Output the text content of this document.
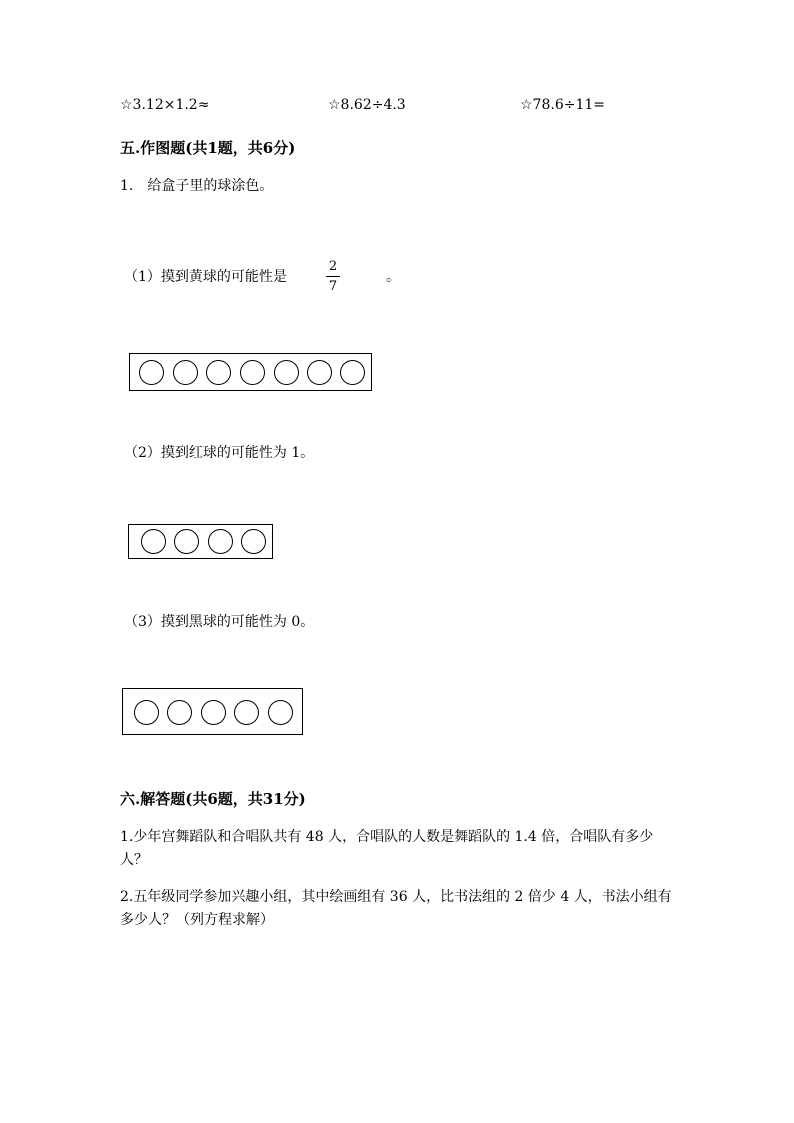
☆3.12×1.2≈	☆8.62÷4.3	☆78.6÷11=
五.作图题(共1题，共6分)
1.　给盒子里的球涂色。
（1）摸到黄球的可能性是
2
7
。
（2）摸到红球的可能性为 1。
（3）摸到黑球的可能性为 0。
六.解答题(共6题，共31分)
1.少年宫舞蹈队和合唱队共有 48 人，合唱队的人数是舞蹈队的 1.4 倍，合唱队有多少人？
2.五年级同学参加兴趣小组，其中绘画组有 36 人，比书法组的 2 倍少 4 人，书法小组有多少人？（列方程求解）
